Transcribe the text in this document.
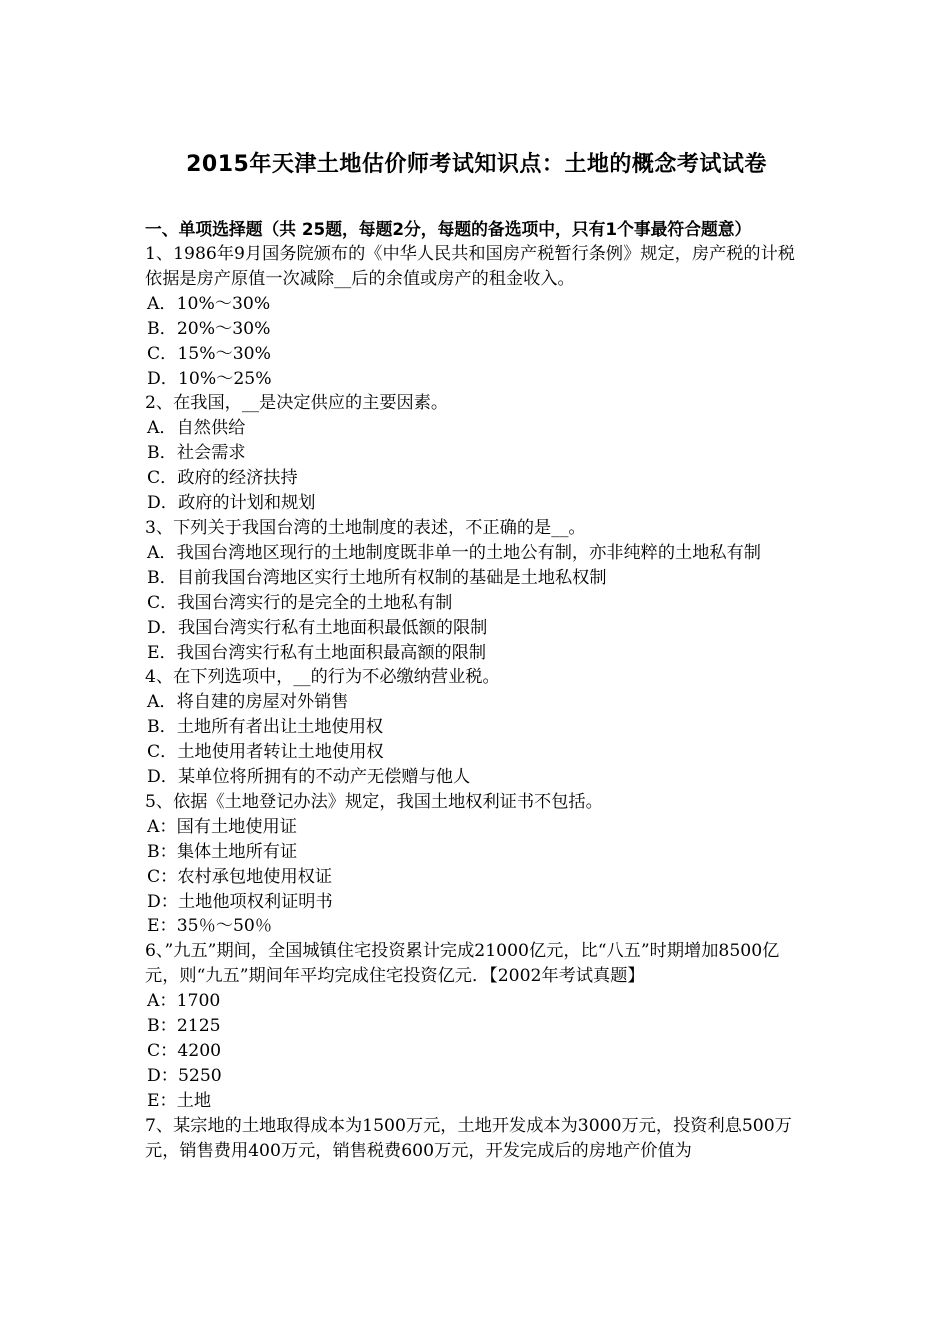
2015年天津土地估价师考试知识点：土地的概念考试试卷
一、单项选择题（共 25题，每题2分，每题的备选项中，只有1个事最符合题意）
1、1986年9月国务院颁布的《中华人民共和国房产税暂行条例》规定，房产税的计税依据是房产原值一次减除__后的余值或房产的租金收入。
A．10%～30%
B．20%～30%
C．15%～30%
D．10%～25%
2、在我国，__是决定供应的主要因素。
A．自然供给
B．社会需求
C．政府的经济扶持
D．政府的计划和规划
3、下列关于我国台湾的土地制度的表述，不正确的是__。
A．我国台湾地区现行的土地制度既非单一的土地公有制，亦非纯粹的土地私有制
B．目前我国台湾地区实行土地所有权制的基础是土地私权制
C．我国台湾实行的是完全的土地私有制
D．我国台湾实行私有土地面积最低额的限制
E．我国台湾实行私有土地面积最高额的限制
4、在下列选项中，__的行为不必缴纳营业税。
A．将自建的房屋对外销售
B．土地所有者出让土地使用权
C．土地使用者转让土地使用权
D．某单位将所拥有的不动产无偿赠与他人
5、依据《土地登记办法》规定，我国土地权利证书不包括。
A：国有土地使用证
B：集体土地所有证
C：农村承包地使用权证
D：土地他项权利证明书
E：35％～50％
6、”九五”期间，全国城镇住宅投资累计完成21000亿元，比“八五”时期增加8500亿元，则“九五”期间年平均完成住宅投资亿元．【2002年考试真题】
A：1700
B：2125
C：4200
D：5250
E：土地
7、某宗地的土地取得成本为1500万元，土地开发成本为3000万元，投资利息500万元，销售费用400万元，销售税费600万元，开发完成后的房地产价值为
